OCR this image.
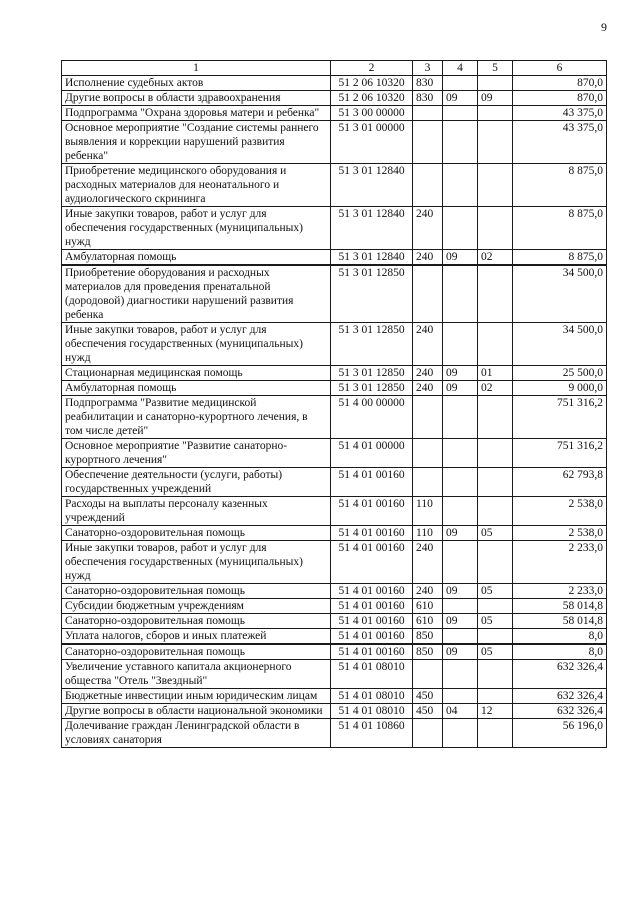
9
1	2	3	4	5	6
Исполнение судебных актов	51 2 06 10320	830			870,0
Другие вопросы в области здравоохранения	51 2 06 10320	830	09	09	870,0
Подпрограмма "Охрана здоровья матери и ребенка"	51 3 00 00000				43 375,0
Основное мероприятие "Создание системы раннего выявления и коррекции нарушений развития ребенка"	51 3 01 00000				43 375,0
Приобретение медицинского оборудования и расходных материалов для неонатального и аудиологического скрининга	51 3 01 12840				8 875,0
Иные закупки товаров, работ и услуг для обеспечения государственных (муниципальных) нужд	51 3 01 12840	240			8 875,0
Амбулаторная помощь	51 3 01 12840	240	09	02	8 875,0
Приобретение оборудования и расходных материалов для проведения пренатальной (дородовой) диагностики нарушений развития ребенка	51 3 01 12850				34 500,0
Иные закупки товаров, работ и услуг для обеспечения государственных (муниципальных) нужд	51 3 01 12850	240			34 500,0
Стационарная медицинская помощь	51 3 01 12850	240	09	01	25 500,0
Амбулаторная помощь	51 3 01 12850	240	09	02	9 000,0
Подпрограмма "Развитие медицинской реабилитации и санаторно-курортного лечения, в том числе детей"	51 4 00 00000				751 316,2
Основное мероприятие "Развитие санаторно-курортного лечения"	51 4 01 00000				751 316,2
Обеспечение деятельности (услуги, работы) государственных учреждений	51 4 01 00160				62 793,8
Расходы на выплаты персоналу казенных учреждений	51 4 01 00160	110			2 538,0
Санаторно-оздоровительная помощь	51 4 01 00160	110	09	05	2 538,0
Иные закупки товаров, работ и услуг для обеспечения государственных (муниципальных) нужд	51 4 01 00160	240			2 233,0
Санаторно-оздоровительная помощь	51 4 01 00160	240	09	05	2 233,0
Субсидии бюджетным учреждениям	51 4 01 00160	610			58 014,8
Санаторно-оздоровительная помощь	51 4 01 00160	610	09	05	58 014,8
Уплата налогов, сборов и иных платежей	51 4 01 00160	850			8,0
Санаторно-оздоровительная помощь	51 4 01 00160	850	09	05	8,0
Увеличение уставного капитала акционерного общества "Отель "Звездный"	51 4 01 08010				632 326,4
Бюджетные инвестиции иным юридическим лицам	51 4 01 08010	450			632 326,4
Другие вопросы в области национальной экономики	51 4 01 08010	450	04	12	632 326,4
Долечивание граждан Ленинградской области в условиях санатория	51 4 01 10860				56 196,0
